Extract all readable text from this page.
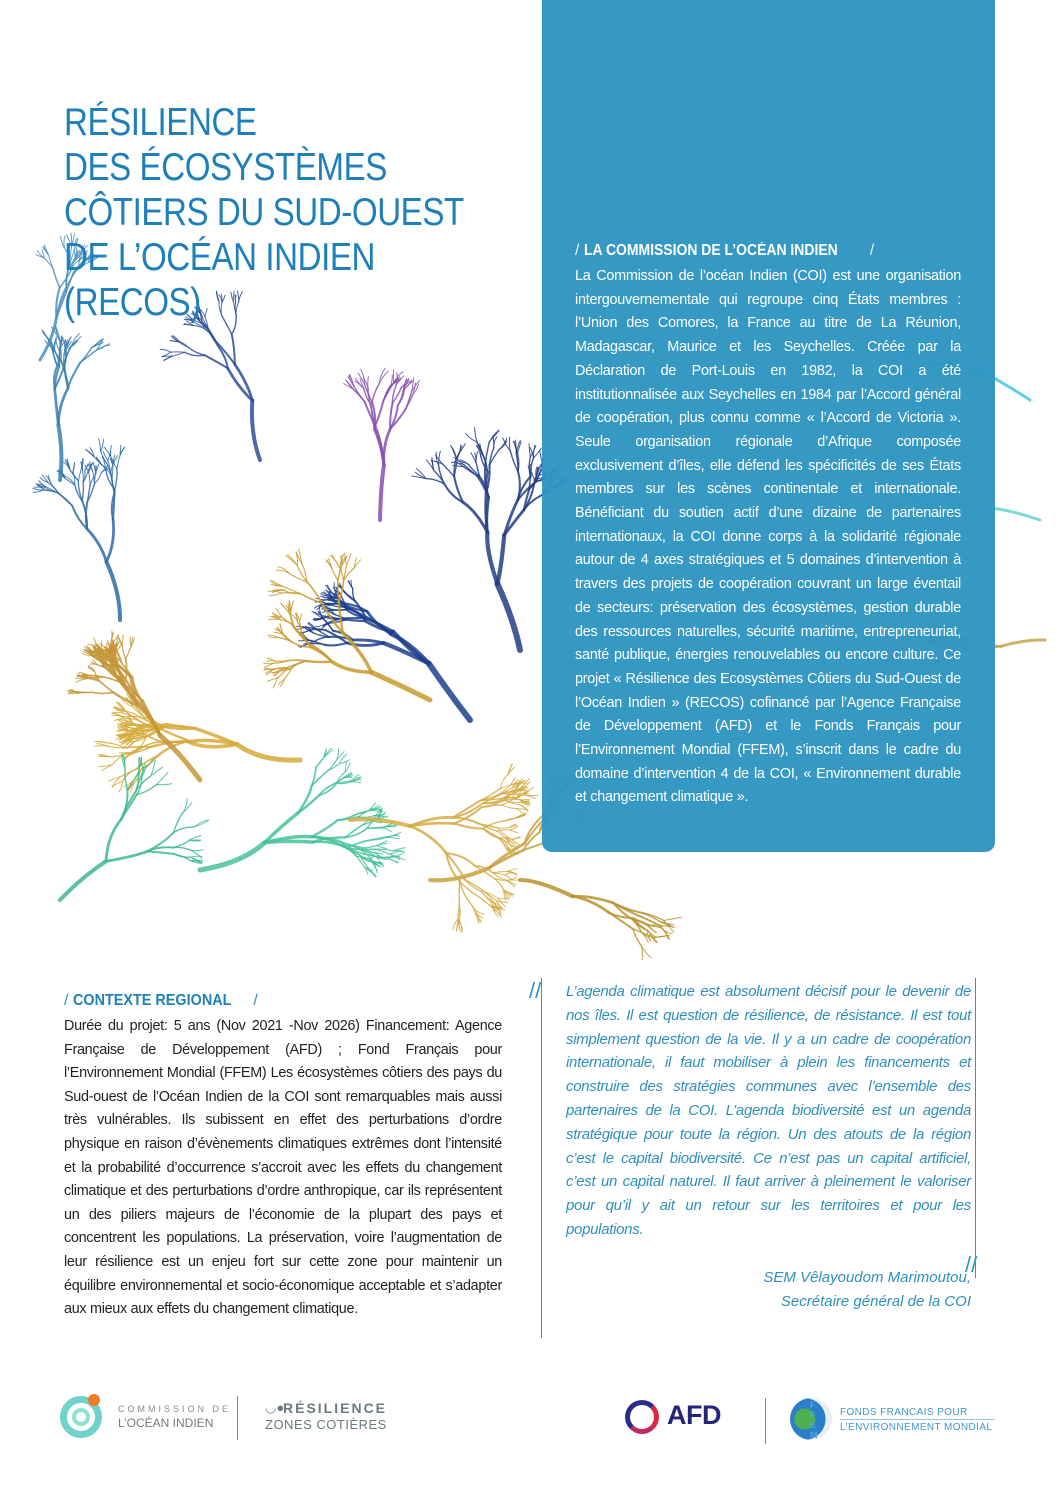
RÉSILIENCE
DES ÉCOSYSTÈMES
CÔTIERS DU SUD-OUEST
DE L’OCÉAN INDIEN
(RECOS)
/ LA COMMISSION DE L’OCÉAN INDIEN /

La Commission de l’océan Indien (COI) est une organisation intergouvernementale qui regroupe cinq États membres : l’Union des Comores, la France au titre de La Réunion, Madagascar, Maurice et les Seychelles. Créée par la Déclaration de Port-Louis en 1982, la COI a été institutionnalisée aux Seychelles en 1984 par l’Accord général de coopération, plus connu comme « l’Accord de Victoria ». Seule organisation régionale d’Afrique composée exclusivement d’îles, elle défend les spécificités de ses États membres sur les scènes continentale et internationale. Bénéficiant du soutien actif d’une dizaine de partenaires internationaux, la COI donne corps à la solidarité régionale autour de 4 axes stratégiques et 5 domaines d’intervention à travers des projets de coopération couvrant un large éventail de secteurs: préservation des écosystèmes, gestion durable des ressources naturelles, sécurité maritime, entrepreneuriat, santé publique, énergies renouvelables ou encore culture. Ce projet « Résilience des Ecosystèmes Côtiers du Sud-Ouest de l’Océan Indien » (RECOS) cofinancé par l’Agence Française de Développement (AFD) et le Fonds Français pour l’Environnement Mondial (FFEM), s’inscrit dans le cadre du domaine d’intervention 4 de la COI, « Environnement durable et changement climatique ».

/ CONTEXTE REGIONAL /

Durée du projet: 5 ans (Nov 2021 -Nov 2026) Financement: Agence Française de Développement (AFD) ; Fond Français pour l’Environnement Mondial (FFEM) Les écosystèmes côtiers des pays du Sud-ouest de l’Océan Indien de la COI sont remarquables mais aussi très vulnérables. Ils subissent en effet des perturbations d’ordre physique en raison d’évènements climatiques extrêmes dont l’intensité et la probabilité d’occurrence s’accroit avec les effets du changement climatique et des perturbations d’ordre anthropique, car ils représentent un des piliers majeurs de l’économie de la plupart des pays et concentrent les populations. La préservation, voire l’augmentation de leur résilience est un enjeu fort sur cette zone pour maintenir un équilibre environnemental et socio-économique acceptable et s’adapter aux mieux aux effets du changement climatique.

//
//
L’agenda climatique est absolument décisif pour le devenir de nos îles. Il est question de résilience, de résistance. Il est tout simplement question de la vie. Il y a un cadre de coopération internationale, il faut mobiliser à plein les financements et construire des stratégies communes avec l’ensemble des partenaires de la COI. L’agenda biodiversité est un agenda stratégique pour toute la région. Un des atouts de la région c’est le capital biodiversité. Ce n’est pas un capital artificiel, c’est un capital naturel. Il faut arriver à pleinement le valoriser pour qu’il y ait un retour sur les territoires et pour les populations.
SEM Vêlayoudom Marimoutou,
Secrétaire général de la COI
COMMISSION DE
L’OCÉAN INDIEN
◡●
RÉSILIENCE
ZONES COTIÈRES	AFD	F F E M
FONDS FRANCAIS POUR
L’ENVIRONNEMENT MONDIAL
